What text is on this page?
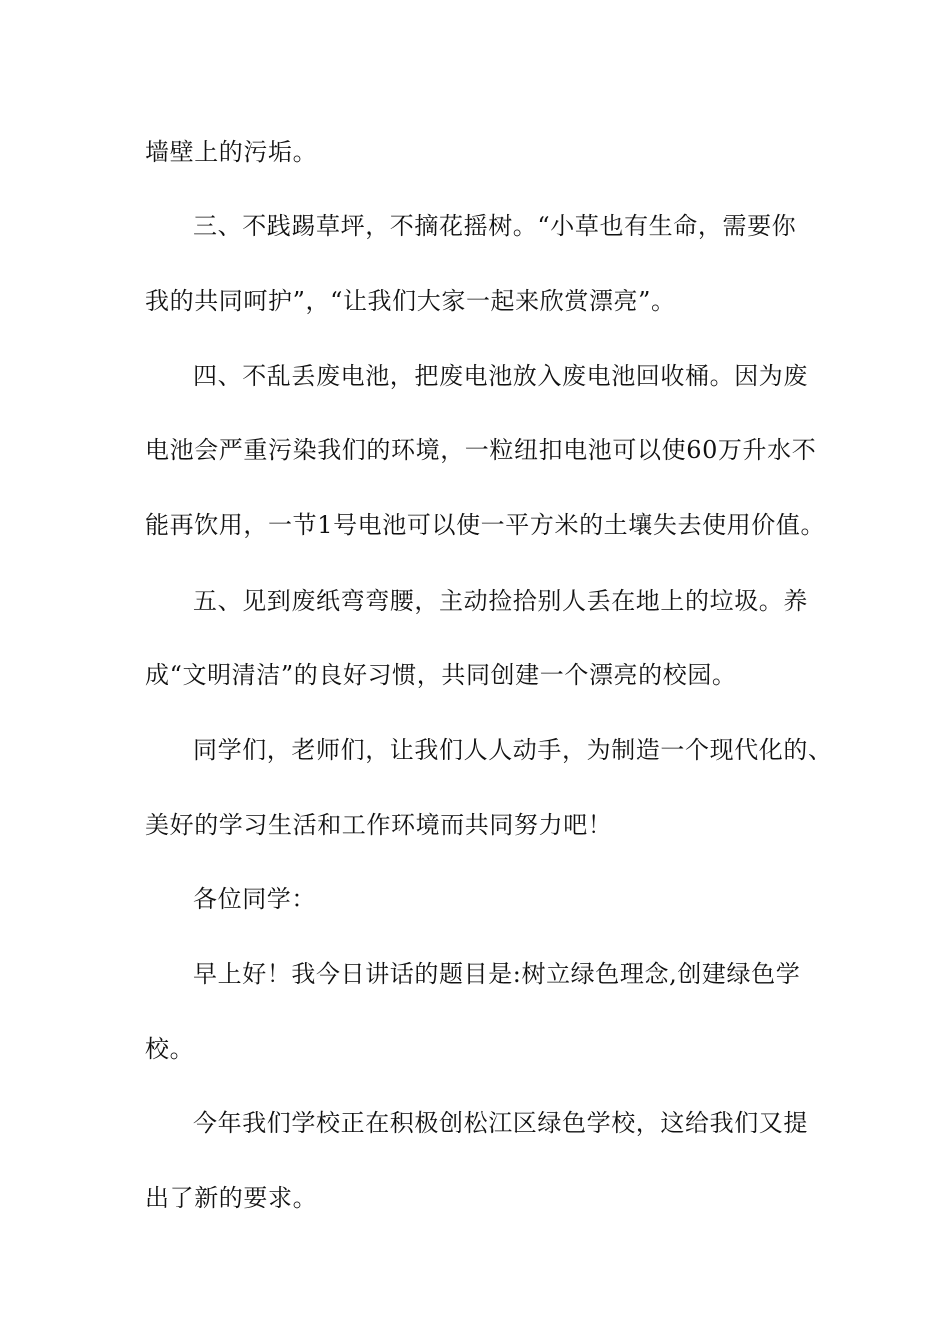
墙壁上的污垢。
三、不践踢草坪，不摘花摇树。“小草也有生命，需要你
我的共同呵护”，“让我们大家一起来欣赏漂亮”。
四、不乱丢废电池，把废电池放入废电池回收桶。因为废
电池会严重污染我们的环境，一粒纽扣电池可以使60万升水不
能再饮用，一节1号电池可以使一平方米的土壤失去使用价值。
五、见到废纸弯弯腰，主动捡拾别人丢在地上的垃圾。养
成“文明清洁”的良好习惯，共同创建一个漂亮的校园。
同学们，老师们，让我们人人动手，为制造一个现代化的、
美好的学习生活和工作环境而共同努力吧！
各位同学：
早上好！我今日讲话的题目是:树立绿色理念,创建绿色学
校。
今年我们学校正在积极创松江区绿色学校，这给我们又提
出了新的要求。
